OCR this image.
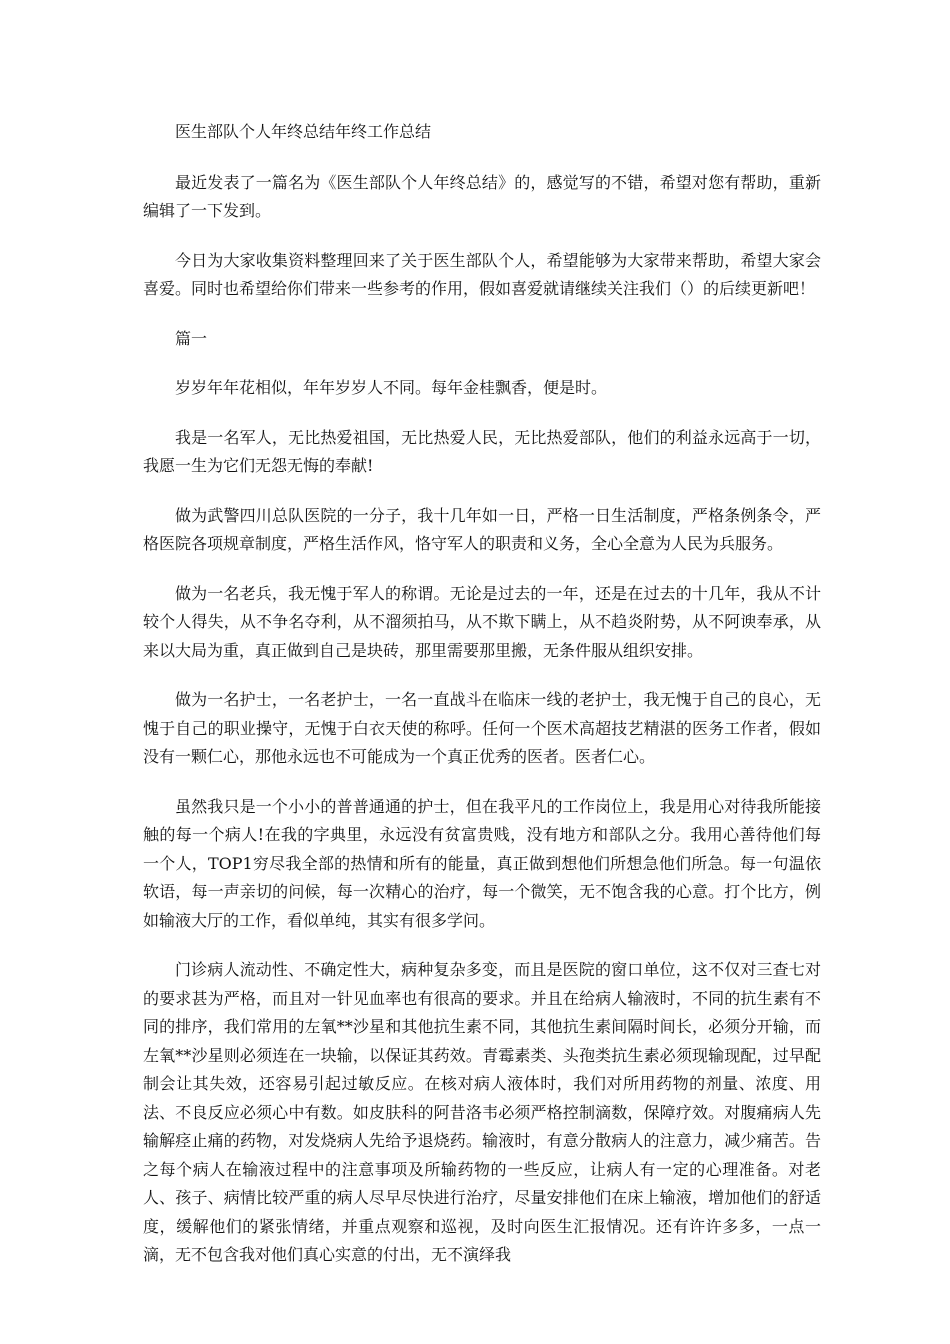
医生部队个人年终总结年终工作总结

最近发表了一篇名为《医生部队个人年终总结》的，感觉写的不错，希望对您有帮助，重新编辑了一下发到。

今日为大家收集资料整理回来了关于医生部队个人，希望能够为大家带来帮助，希望大家会喜爱。同时也希望给你们带来一些参考的作用，假如喜爱就请继续关注我们（）的后续更新吧！

篇一

岁岁年年花相似，年年岁岁人不同。每年金桂飘香，便是时。

我是一名军人，无比热爱祖国，无比热爱人民，无比热爱部队，他们的利益永远高于一切，我愿一生为它们无怨无悔的奉献!

做为武警四川总队医院的一分子，我十几年如一日，严格一日生活制度，严格条例条令，严格医院各项规章制度，严格生活作风，恪守军人的职责和义务，全心全意为人民为兵服务。

做为一名老兵，我无愧于军人的称谓。无论是过去的一年，还是在过去的十几年，我从不计较个人得失，从不争名夺利，从不溜须拍马，从不欺下瞒上，从不趋炎附势，从不阿谀奉承，从来以大局为重，真正做到自己是块砖，那里需要那里搬，无条件服从组织安排。

做为一名护士，一名老护士，一名一直战斗在临床一线的老护士，我无愧于自己的良心，无愧于自己的职业操守，无愧于白衣天使的称呼。任何一个医术高超技艺精湛的医务工作者，假如没有一颗仁心，那他永远也不可能成为一个真正优秀的医者。医者仁心。

虽然我只是一个小小的普普通通的护士，但在我平凡的工作岗位上，我是用心对待我所能接触的每一个病人!在我的字典里，永远没有贫富贵贱，没有地方和部队之分。我用心善待他们每一个人，TOP1穷尽我全部的热情和所有的能量，真正做到想他们所想急他们所急。每一句温依软语，每一声亲切的问候，每一次精心的治疗，每一个微笑，无不饱含我的心意。打个比方，例如输液大厅的工作，看似单纯，其实有很多学问。

门诊病人流动性、不确定性大，病种复杂多变，而且是医院的窗口单位，这不仅对三查七对的要求甚为严格，而且对一针见血率也有很高的要求。并且在给病人输液时，不同的抗生素有不同的排序，我们常用的左氧**沙星和其他抗生素不同，其他抗生素间隔时间长，必须分开输，而左氧**沙星则必须连在一块输，以保证其药效。青霉素类、头孢类抗生素必须现输现配，过早配制会让其失效，还容易引起过敏反应。在核对病人液体时，我们对所用药物的剂量、浓度、用法、不良反应必须心中有数。如皮肤科的阿昔洛韦必须严格控制滴数，保障疗效。对腹痛病人先输解痉止痛的药物，对发烧病人先给予退烧药。输液时，有意分散病人的注意力，减少痛苦。告之每个病人在输液过程中的注意事项及所输药物的一些反应，让病人有一定的心理准备。对老人、孩子、病情比较严重的病人尽早尽快进行治疗，尽量安排他们在床上输液，增加他们的舒适度，缓解他们的紧张情绪，并重点观察和巡视，及时向医生汇报情况。还有许许多多，一点一滴，无不包含我对他们真心实意的付出，无不演绎我
